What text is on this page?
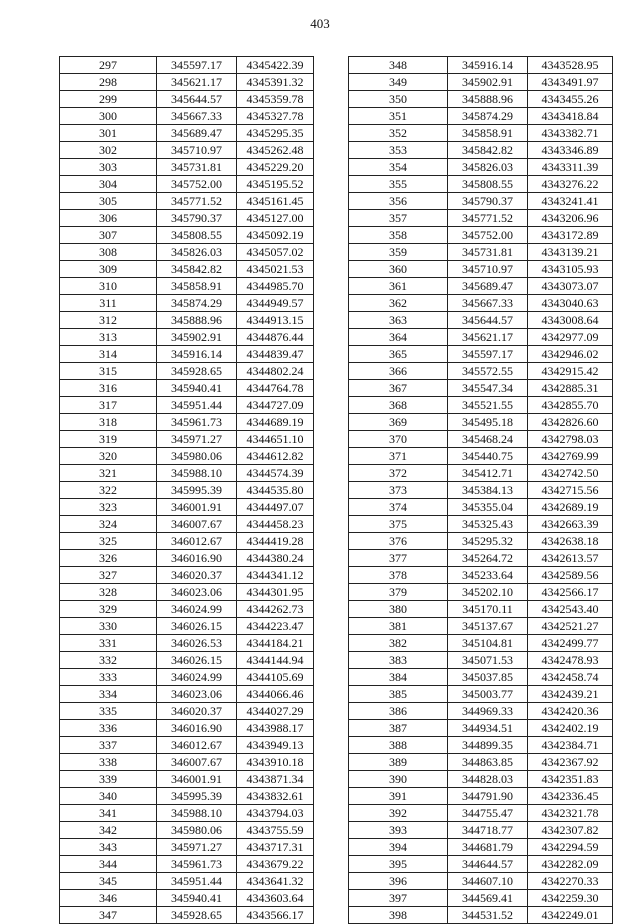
403
297	345597.17	4345422.39
298	345621.17	4345391.32
299	345644.57	4345359.78
300	345667.33	4345327.78
301	345689.47	4345295.35
302	345710.97	4345262.48
303	345731.81	4345229.20
304	345752.00	4345195.52
305	345771.52	4345161.45
306	345790.37	4345127.00
307	345808.55	4345092.19
308	345826.03	4345057.02
309	345842.82	4345021.53
310	345858.91	4344985.70
311	345874.29	4344949.57
312	345888.96	4344913.15
313	345902.91	4344876.44
314	345916.14	4344839.47
315	345928.65	4344802.24
316	345940.41	4344764.78
317	345951.44	4344727.09
318	345961.73	4344689.19
319	345971.27	4344651.10
320	345980.06	4344612.82
321	345988.10	4344574.39
322	345995.39	4344535.80
323	346001.91	4344497.07
324	346007.67	4344458.23
325	346012.67	4344419.28
326	346016.90	4344380.24
327	346020.37	4344341.12
328	346023.06	4344301.95
329	346024.99	4344262.73
330	346026.15	4344223.47
331	346026.53	4344184.21
332	346026.15	4344144.94
333	346024.99	4344105.69
334	346023.06	4344066.46
335	346020.37	4344027.29
336	346016.90	4343988.17
337	346012.67	4343949.13
338	346007.67	4343910.18
339	346001.91	4343871.34
340	345995.39	4343832.61
341	345988.10	4343794.03
342	345980.06	4343755.59
343	345971.27	4343717.31
344	345961.73	4343679.22
345	345951.44	4343641.32
346	345940.41	4343603.64
347	345928.65	4343566.17
348	345916.14	4343528.95
349	345902.91	4343491.97
350	345888.96	4343455.26
351	345874.29	4343418.84
352	345858.91	4343382.71
353	345842.82	4343346.89
354	345826.03	4343311.39
355	345808.55	4343276.22
356	345790.37	4343241.41
357	345771.52	4343206.96
358	345752.00	4343172.89
359	345731.81	4343139.21
360	345710.97	4343105.93
361	345689.47	4343073.07
362	345667.33	4343040.63
363	345644.57	4343008.64
364	345621.17	4342977.09
365	345597.17	4342946.02
366	345572.55	4342915.42
367	345547.34	4342885.31
368	345521.55	4342855.70
369	345495.18	4342826.60
370	345468.24	4342798.03
371	345440.75	4342769.99
372	345412.71	4342742.50
373	345384.13	4342715.56
374	345355.04	4342689.19
375	345325.43	4342663.39
376	345295.32	4342638.18
377	345264.72	4342613.57
378	345233.64	4342589.56
379	345202.10	4342566.17
380	345170.11	4342543.40
381	345137.67	4342521.27
382	345104.81	4342499.77
383	345071.53	4342478.93
384	345037.85	4342458.74
385	345003.77	4342439.21
386	344969.33	4342420.36
387	344934.51	4342402.19
388	344899.35	4342384.71
389	344863.85	4342367.92
390	344828.03	4342351.83
391	344791.90	4342336.45
392	344755.47	4342321.78
393	344718.77	4342307.82
394	344681.79	4342294.59
395	344644.57	4342282.09
396	344607.10	4342270.33
397	344569.41	4342259.30
398	344531.52	4342249.01
